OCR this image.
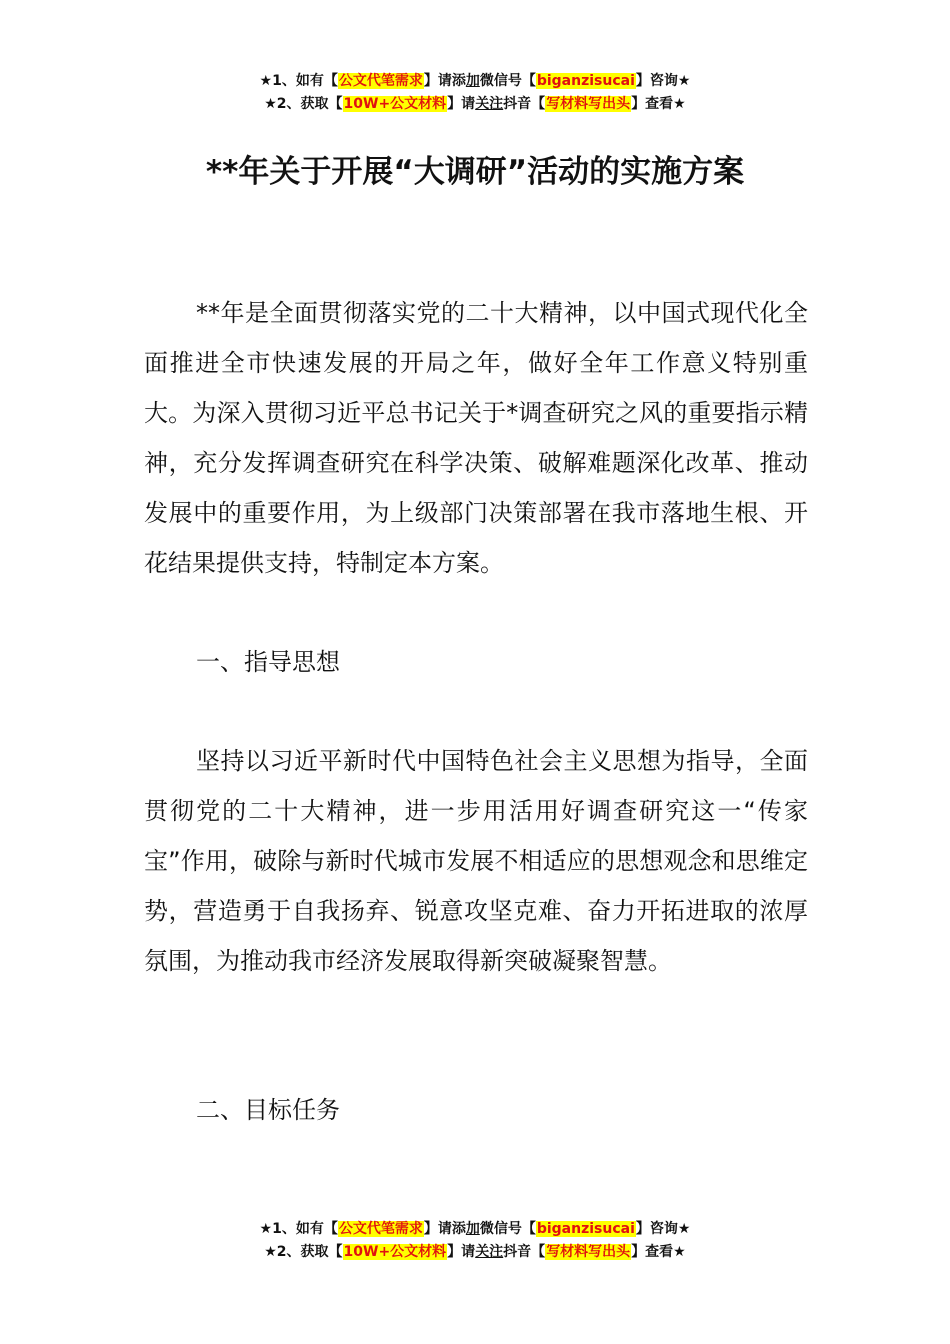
★1、如有【公文代笔需求】请添加微信号【biganzisucai】咨询★
★2、获取【10W+公文材料】请关注抖音【写材料写出头】查看★
**年关于开展“大调研”活动的实施方案

**年是全面贯彻落实党的二十大精神，以中国式现代化全面推进全市快速发展的开局之年，做好全年工作意义特别重大。为深入贯彻习近平总书记关于*调查研究之风的重要指示精神，充分发挥调查研究在科学决策、破解难题深化改革、推动发展中的重要作用，为上级部门决策部署在我市落地生根、开花结果提供支持，特制定本方案。

一、指导思想

坚持以习近平新时代中国特色社会主义思想为指导，全面贯彻党的二十大精神，进一步用活用好调查研究这一“传家宝”作用，破除与新时代城市发展不相适应的思想观念和思维定势，营造勇于自我扬弃、锐意攻坚克难、奋力开拓进取的浓厚氛围，为推动我市经济发展取得新突破凝聚智慧。

二、目标任务

★1、如有【公文代笔需求】请添加微信号【biganzisucai】咨询★
★2、获取【10W+公文材料】请关注抖音【写材料写出头】查看★
